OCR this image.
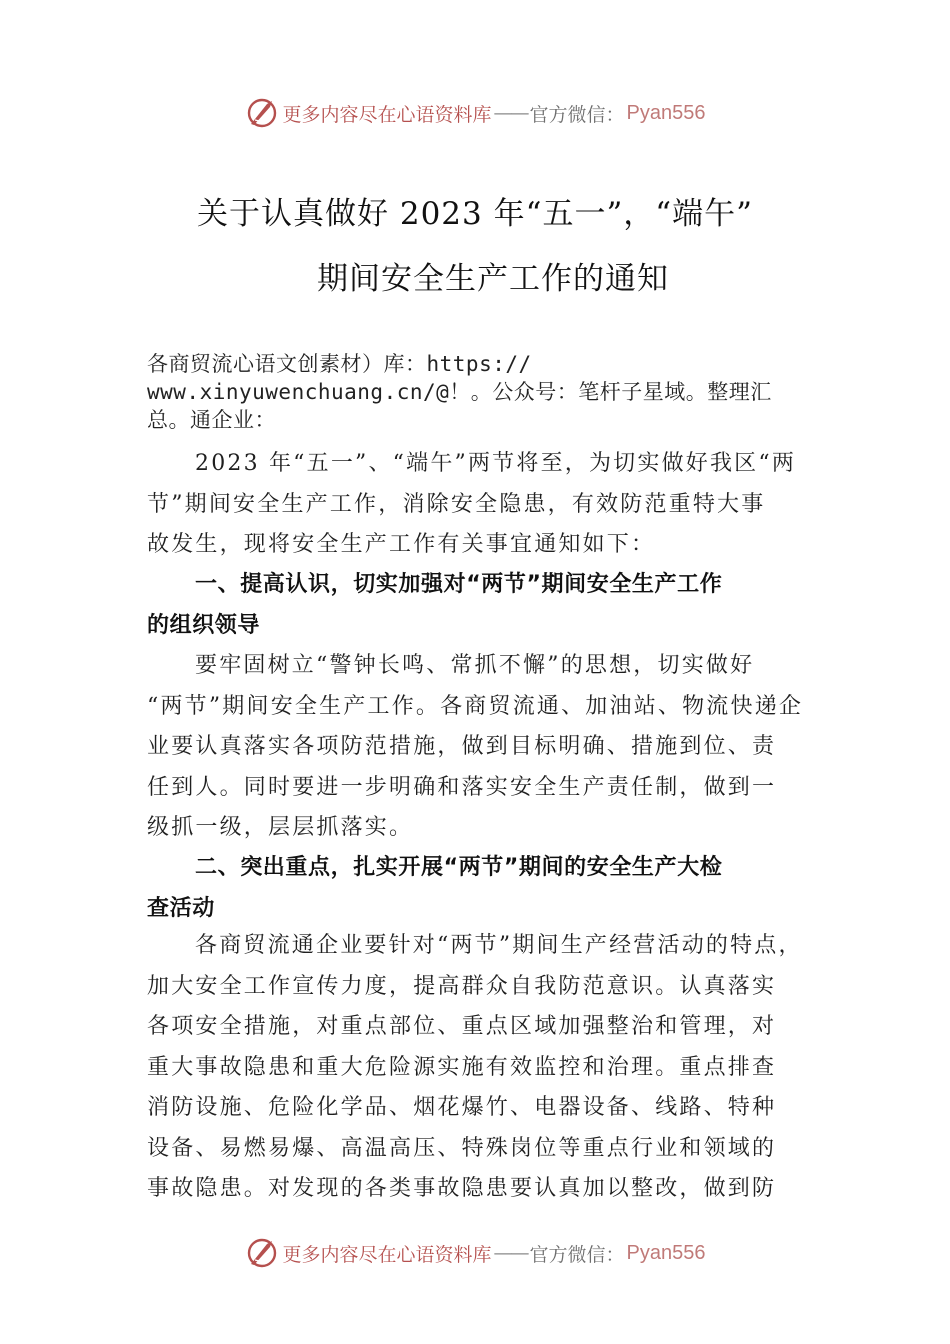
更多内容尽在心语资料库 —— 官方微信： Pyan556
关于认真做好 2023 年“五一”，“端午”
期间安全生产工作的通知
各商贸流心语文创素材）库：https://
www.xinyuwenchuang.cn/@！。公众号：笔杆子星域。整理汇
总。通企业：
2023 年“五一”、“端午”两节将至，为切实做好我区“两
节”期间安全生产工作，消除安全隐患，有效防范重特大事
故发生，现将安全生产工作有关事宜通知如下：
一、提高认识，切实加强对“两节”期间安全生产工作
的组织领导
要牢固树立“警钟长鸣、常抓不懈”的思想，切实做好
“两节”期间安全生产工作。各商贸流通、加油站、物流快递企
业要认真落实各项防范措施，做到目标明确、措施到位、责
任到人。同时要进一步明确和落实安全生产责任制，做到一
级抓一级，层层抓落实。
二、突出重点，扎实开展“两节”期间的安全生产大检
查活动
各商贸流通企业要针对“两节”期间生产经营活动的特点，
加大安全工作宣传力度，提高群众自我防范意识。认真落实
各项安全措施，对重点部位、重点区域加强整治和管理，对
重大事故隐患和重大危险源实施有效监控和治理。重点排查
消防设施、危险化学品、烟花爆竹、电器设备、线路、特种
设备、易燃易爆、高温高压、特殊岗位等重点行业和领域的
事故隐患。对发现的各类事故隐患要认真加以整改，做到防
更多内容尽在心语资料库 —— 官方微信： Pyan556
